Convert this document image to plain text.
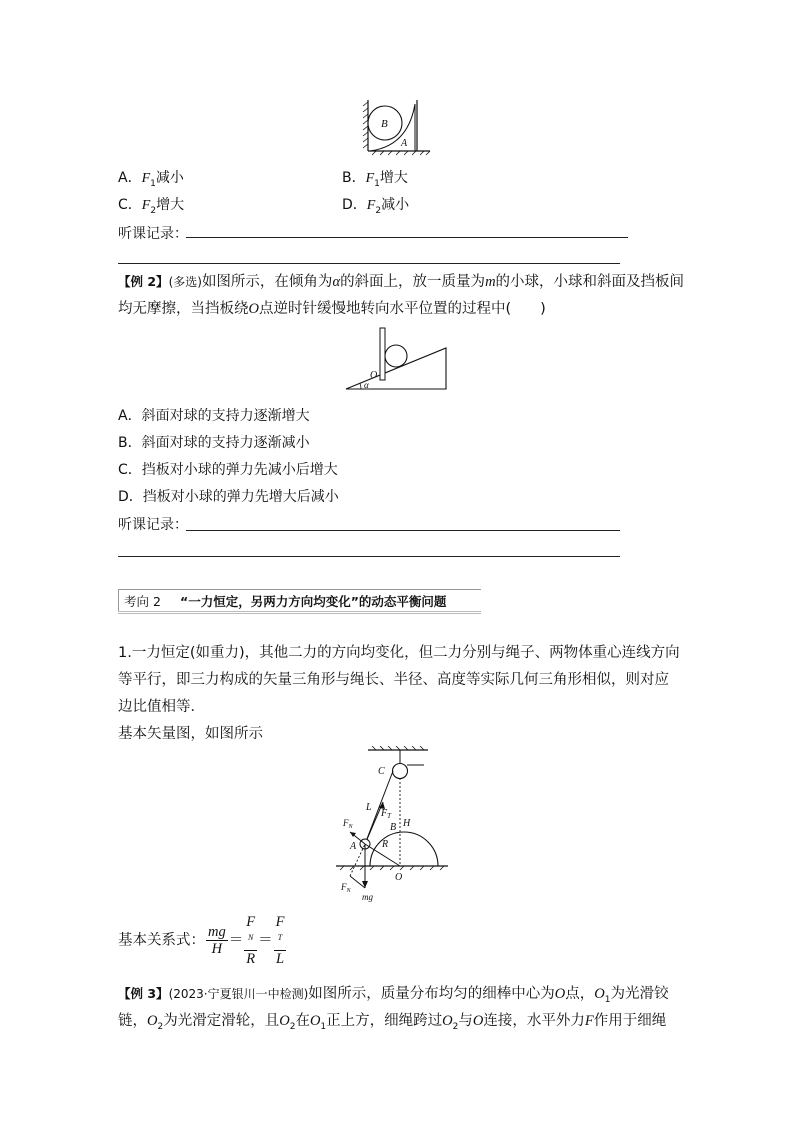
B
A
A．$F_1$减小	B．$F_1$增大
C．$F_2$增大	D．$F_2$减小
听课记录：
【例 2】(多选)如图所示，在倾角为α的斜面上，放一质量为m的小球，小球和斜面及挡板间
均无摩擦，当挡板绕O点逆时针缓慢地转向水平位置的过程中(　　)
O
α
A．斜面对球的支持力逐渐增大
B．斜面对球的支持力逐渐减小
C．挡板对小球的弹力先减小后增大
D．挡板对小球的弹力先增大后减小
听课记录：
考向 2 “一力恒定，另两力方向均变化”的动态平衡问题
1.一力恒定(如重力)，其他二力的方向均变化，但二力分别与绳子、两物体重心连线方向等平行，即三力构成的矢量三角形与绳长、半径、高度等实际几何三角形相似，则对应边比值相等．
基本矢量图，如图所示
C
L
$F_T$
H
B
$F_N$
A	R
O
$F_N$
mg
基本关系式： $\frac{mg}{H} = F$
$^N$
R ＝ F
$^T$
L
【例 3】(2023·宁夏银川一中检测)如图所示，质量分布均匀的细棒中心为O点，$O_1$为光滑铰
链，$O_2$为光滑定滑轮，且$O_2$在$O_1$正上方，细绳跨过$O_2$与O连接，水平外力F作用于细绳
